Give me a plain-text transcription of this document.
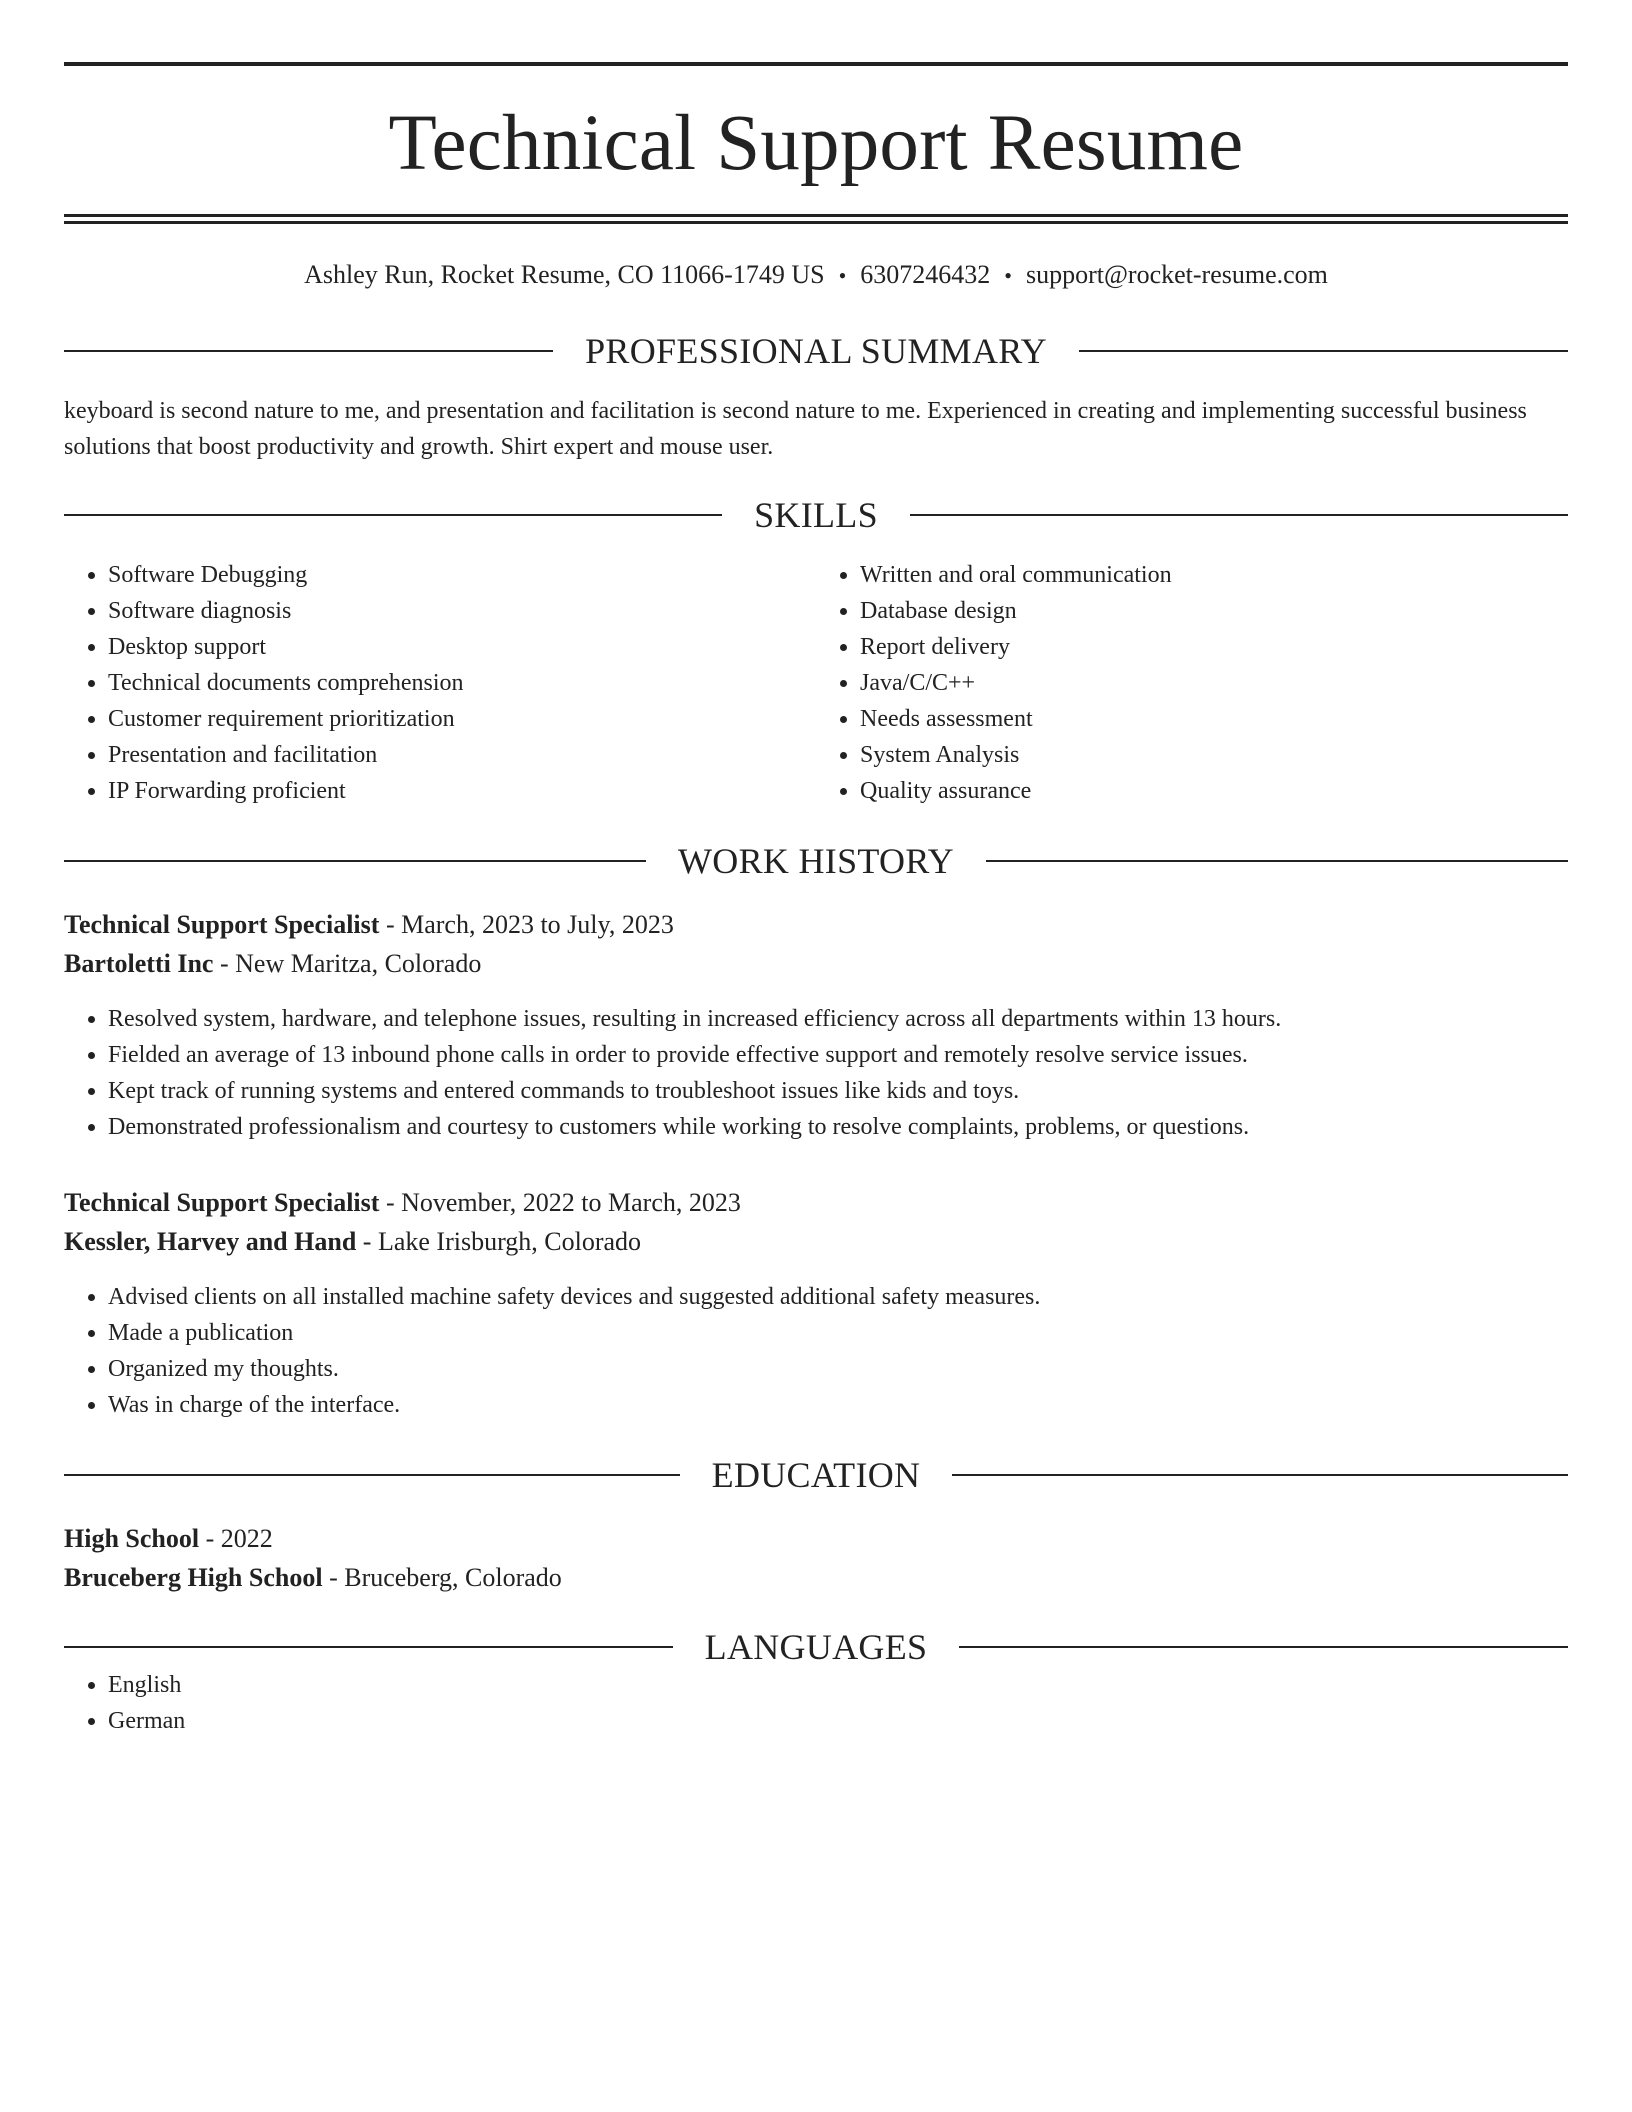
Technical Support Resume
Ashley Run, Rocket Resume, CO 11066-1749 US • 6307246432 • support@rocket-resume.com
PROFESSIONAL SUMMARY
keyboard is second nature to me, and presentation and facilitation is second nature to me. Experienced in creating and implementing successful business solutions that boost productivity and growth. Shirt expert and mouse user.
SKILLS
• Software Debugging
• Software diagnosis
• Desktop support
• Technical documents comprehension
• Customer requirement prioritization
• Presentation and facilitation
• IP Forwarding proficient
• Written and oral communication
• Database design
• Report delivery
• Java/C/C++
• Needs assessment
• System Analysis
• Quality assurance
WORK HISTORY
Technical Support Specialist - March, 2023 to July, 2023
Bartoletti Inc - New Maritza, Colorado
• Resolved system, hardware, and telephone issues, resulting in increased efficiency across all departments within 13 hours.
• Fielded an average of 13 inbound phone calls in order to provide effective support and remotely resolve service issues.
• Kept track of running systems and entered commands to troubleshoot issues like kids and toys.
• Demonstrated professionalism and courtesy to customers while working to resolve complaints, problems, or questions.
Technical Support Specialist - November, 2022 to March, 2023
Kessler, Harvey and Hand - Lake Irisburgh, Colorado
• Advised clients on all installed machine safety devices and suggested additional safety measures.
• Made a publication
• Organized my thoughts.
• Was in charge of the interface.
EDUCATION
High School - 2022
Bruceberg High School - Bruceberg, Colorado
LANGUAGES
• English
• German
